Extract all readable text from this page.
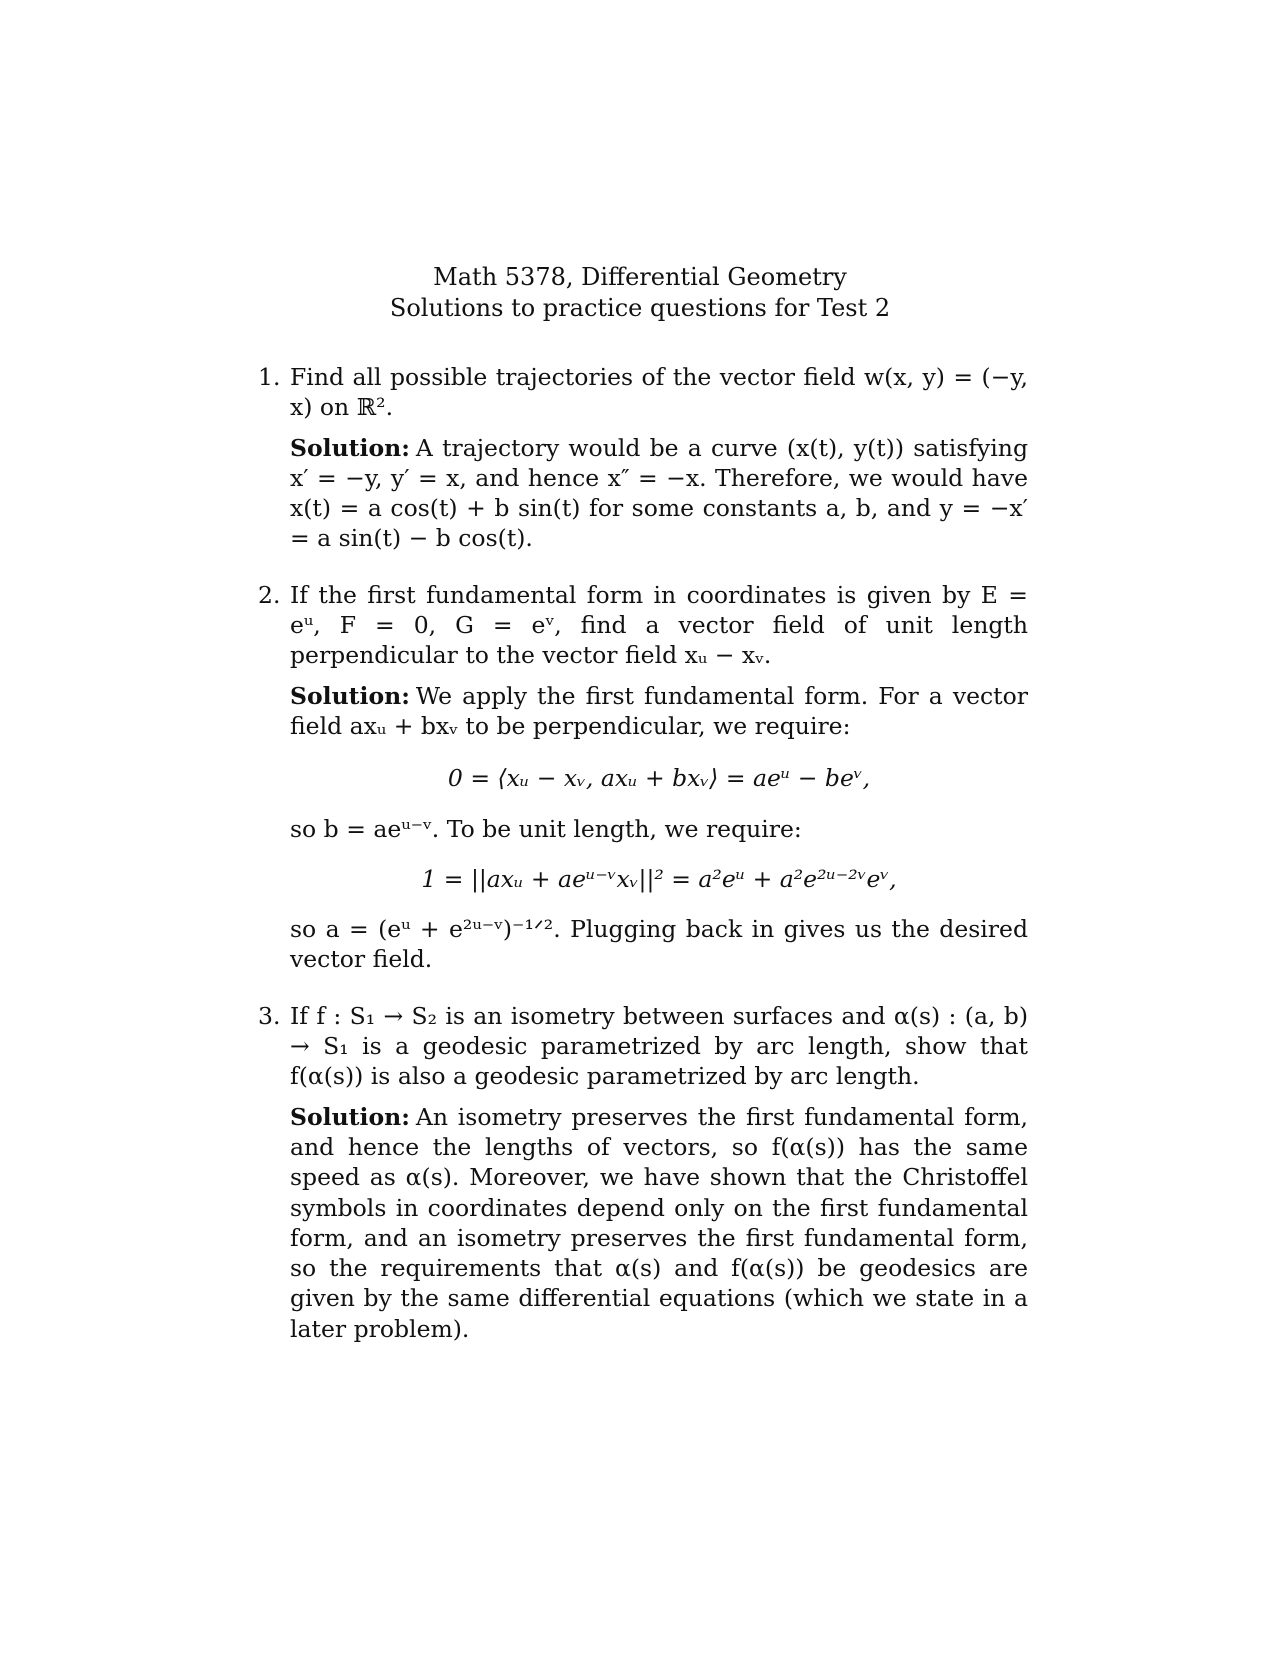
Math 5378, Differential Geometry
Solutions to practice questions for Test 2
1. Find all possible trajectories of the vector field w(x, y) = (−y, x) on ℝ².

Solution: A trajectory would be a curve (x(t), y(t)) satisfying x′ = −y, y′ = x, and hence x″ = −x. Therefore, we would have x(t) = a cos(t) + b sin(t) for some constants a, b, and y = −x′ = a sin(t) − b cos(t).

2. If the first fundamental form in coordinates is given by E = eᵘ, F = 0, G = eᵛ, find a vector field of unit length perpendicular to the vector field xᵤ − xᵥ.

Solution: We apply the first fundamental form. For a vector field axᵤ + bxᵥ to be perpendicular, we require:

0 = ⟨xᵤ − xᵥ, axᵤ + bxᵥ⟩ = aeᵘ − beᵛ,

so b = aeᵘ⁻ᵛ. To be unit length, we require:

1 = ||axᵤ + aeᵘ⁻ᵛxᵥ||² = a²eᵘ + a²e²ᵘ⁻²ᵛeᵛ,

so a = (eᵘ + e²ᵘ⁻ᵛ)⁻¹ᐟ². Plugging back in gives us the desired vector field.

3. If f : S₁ → S₂ is an isometry between surfaces and α(s) : (a, b) → S₁ is a geodesic parametrized by arc length, show that f(α(s)) is also a geodesic parametrized by arc length.

Solution: An isometry preserves the first fundamental form, and hence the lengths of vectors, so f(α(s)) has the same speed as α(s). Moreover, we have shown that the Christoffel symbols in coordinates depend only on the first fundamental form, and an isometry preserves the first fundamental form, so the requirements that α(s) and f(α(s)) be geodesics are given by the same differential equations (which we state in a later problem).
